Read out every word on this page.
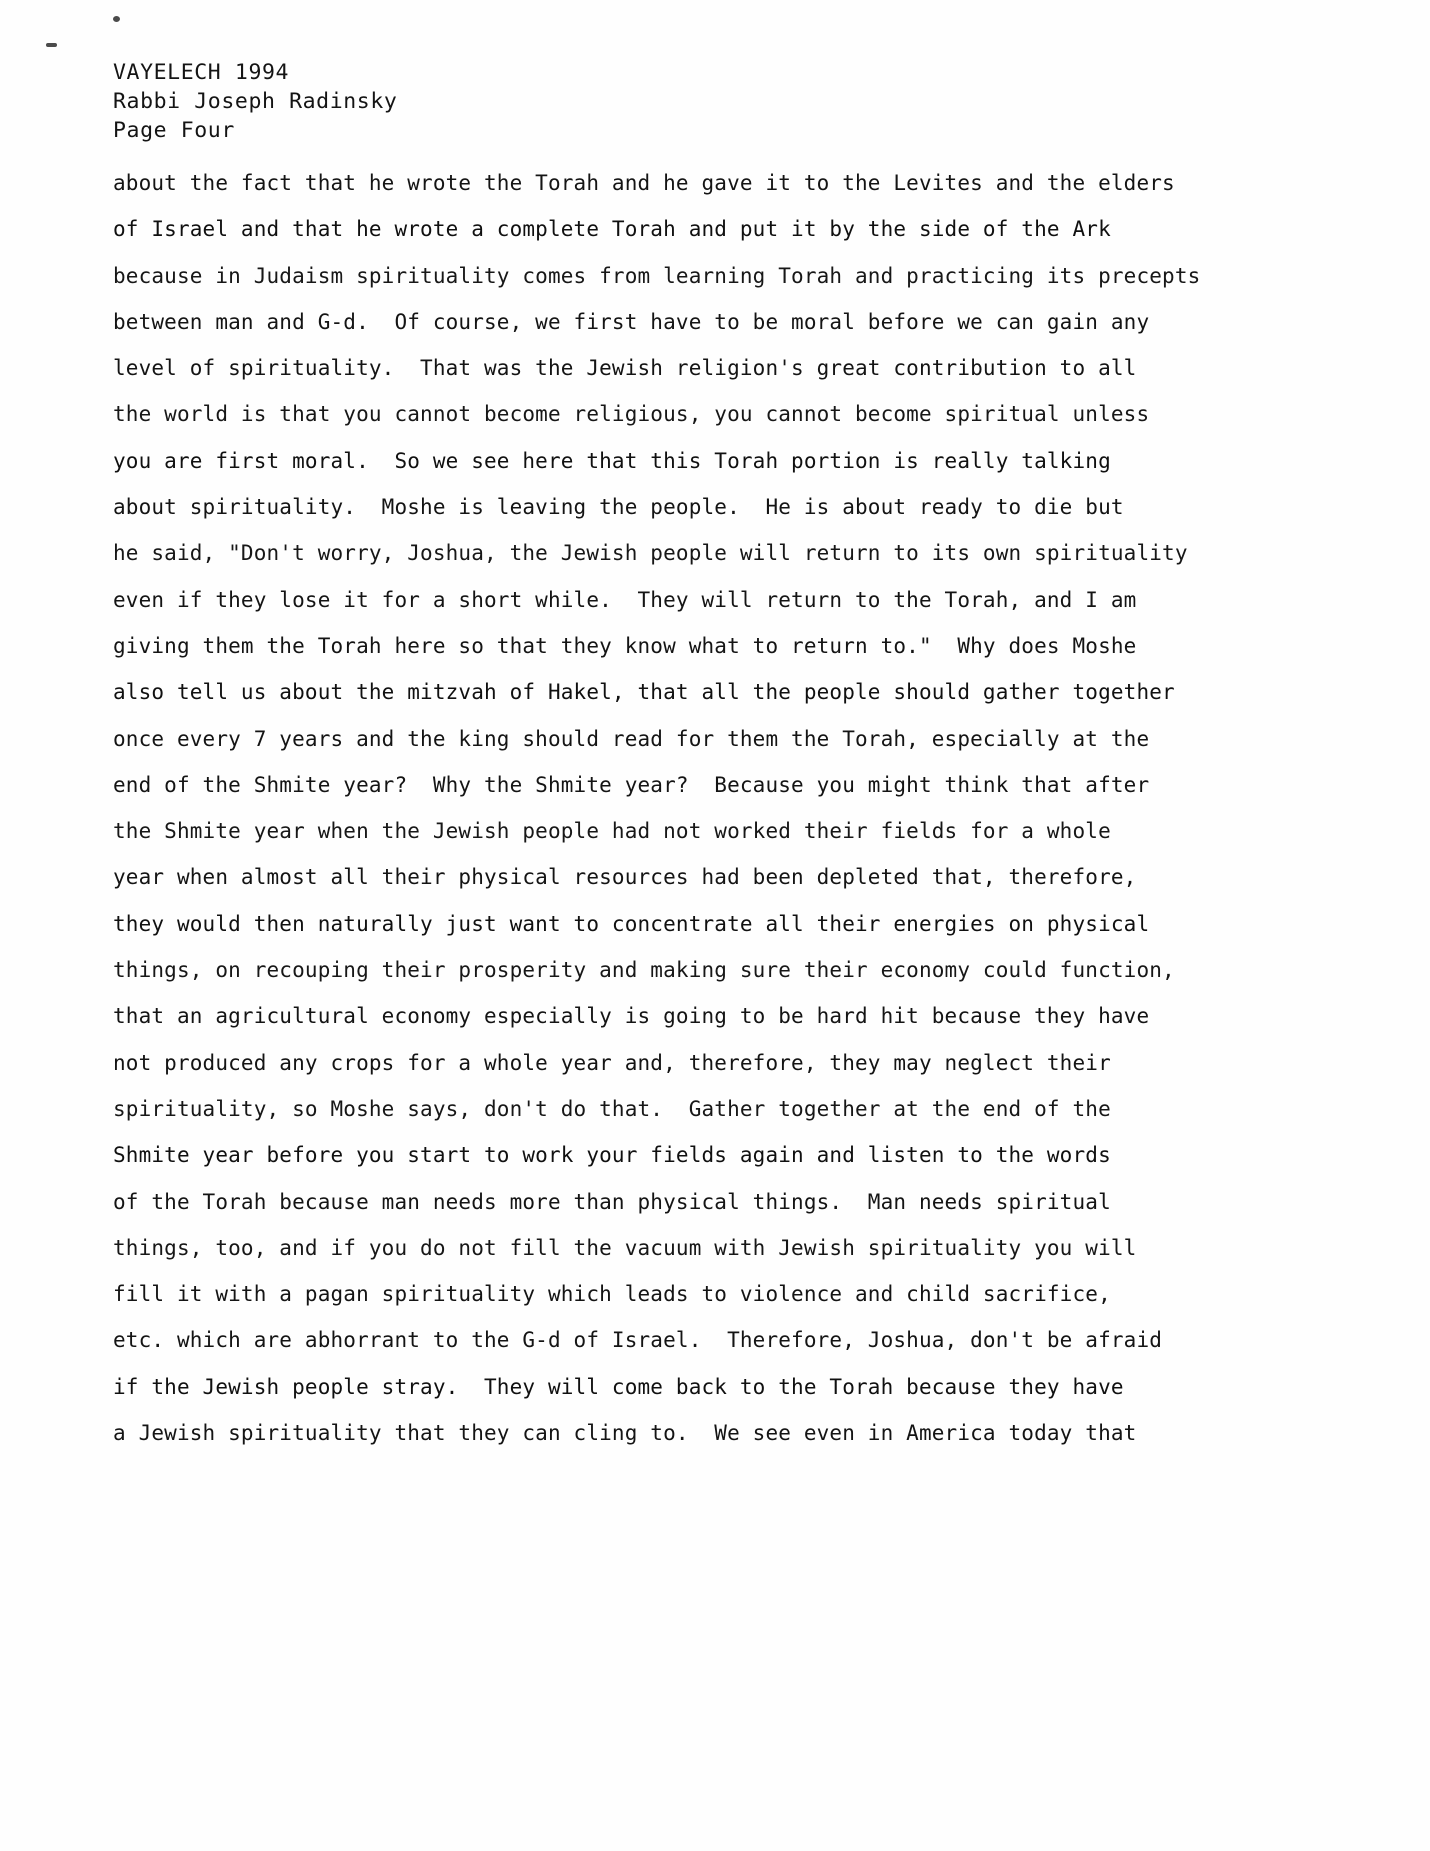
VAYELECH 1994
Rabbi Joseph Radinsky
Page Four
about the fact that he wrote the Torah and he gave it to the Levites and the elders
of Israel and that he wrote a complete Torah and put it by the side of the Ark
because in Judaism spirituality comes from learning Torah and practicing its precepts
between man and G-d.  Of course, we first have to be moral before we can gain any
level of spirituality.  That was the Jewish religion's great contribution to all
the world is that you cannot become religious, you cannot become spiritual unless
you are first moral.  So we see here that this Torah portion is really talking
about spirituality.  Moshe is leaving the people.  He is about ready to die but
he said, "Don't worry, Joshua, the Jewish people will return to its own spirituality
even if they lose it for a short while.  They will return to the Torah, and I am
giving them the Torah here so that they know what to return to."  Why does Moshe
also tell us about the mitzvah of Hakel, that all the people should gather together
once every 7 years and the king should read for them the Torah, especially at the
end of the Shmite year?  Why the Shmite year?  Because you might think that after
the Shmite year when the Jewish people had not worked their fields for a whole
year when almost all their physical resources had been depleted that, therefore,
they would then naturally just want to concentrate all their energies on physical
things, on recouping their prosperity and making sure their economy could function,
that an agricultural economy especially is going to be hard hit because they have
not produced any crops for a whole year and, therefore, they may neglect their
spirituality, so Moshe says, don't do that.  Gather together at the end of the
Shmite year before you start to work your fields again and listen to the words
of the Torah because man needs more than physical things.  Man needs spiritual
things, too, and if you do not fill the vacuum with Jewish spirituality you will
fill it with a pagan spirituality which leads to violence and child sacrifice,
etc. which are abhorrant to the G-d of Israel.  Therefore, Joshua, don't be afraid
if the Jewish people stray.  They will come back to the Torah because they have
a Jewish spirituality that they can cling to.  We see even in America today that
